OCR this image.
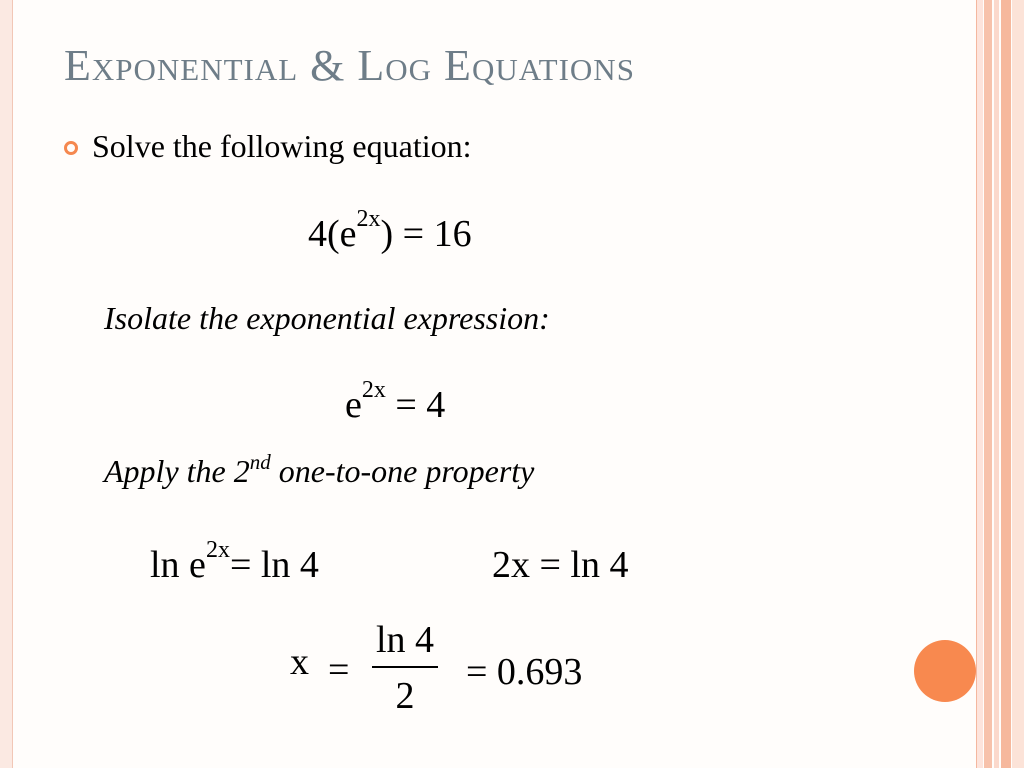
Exponential & Log Equations
Solve the following equation:
$4(e^{2x}) = 16$
Isolate the exponential expression:
$e^{2x} = 4$
Apply the 2nd one-to-one property
$\ln e^{2x}= \ln 4$	2x = ln 4
x =
ln 4
2
= 0.693
